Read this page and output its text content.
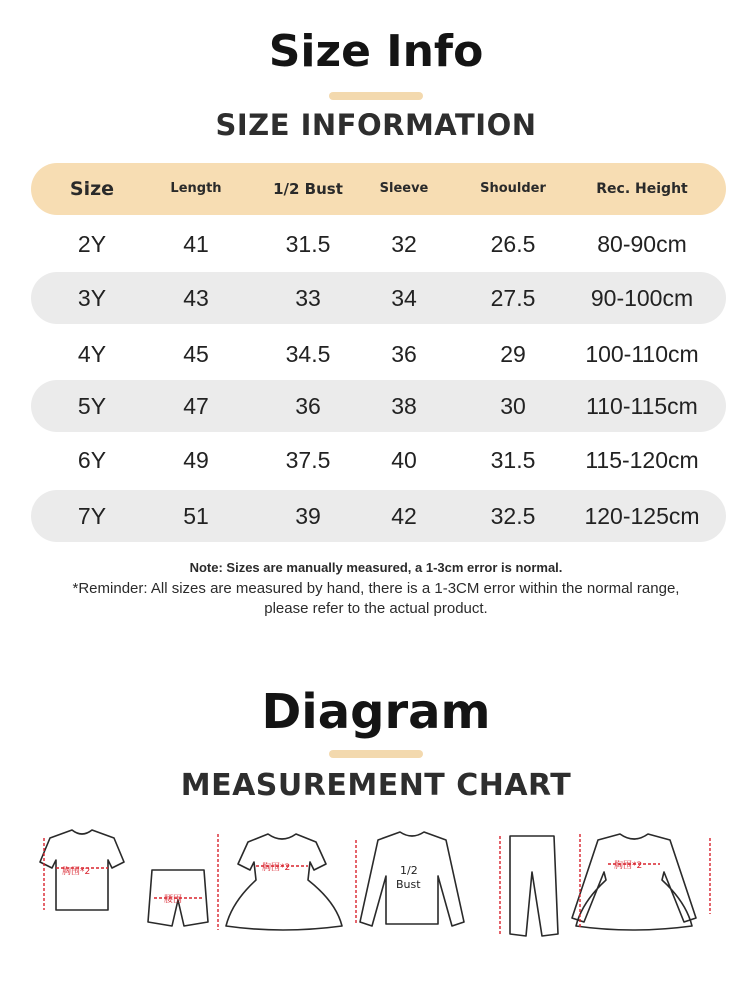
Size Info
SIZE INFORMATION
Size	Length	1/2 Bust	Sleeve	Shoulder	Rec. Height
2Y	41	31.5	32	26.5	80-90cm
3Y	43	33	34	27.5 90-100cm
4Y	45	34.5	36	29	100-110cm
5Y	47	36	38	30	110-115cm
6Y	49	37.5	40	31.5 115-120cm
7Y	51	39	42	32.5 120-125cm
Note: Sizes are manually measured, a 1-3cm error is normal.
*Reminder: All sizes are measured by hand, there is a 1-3CM error within the normal range,
please refer to the actual product.
Diagram
MEASUREMENT CHART
胸围*2
腰围
胸围*2	胸围*2
1/2
Bust
